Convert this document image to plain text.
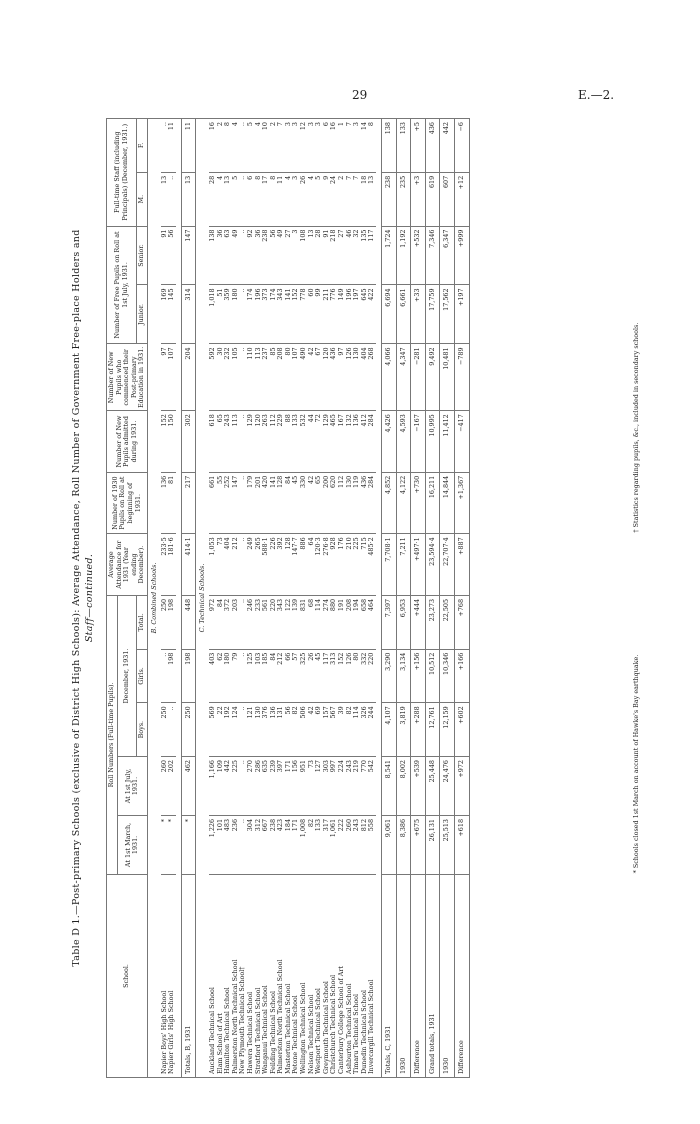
29	E.—2.
Table D 1.—Post-primary Schools (exclusive of District High Schools): Average Attendance, Roll Number of Government Free-place Holders and Staff—continued.
School.	Roll Numbers (Full-time Pupils).					Average Attendance for 1931 (Year ending December).	Number of 1930 Pupils on Roll at beginning of 1931.	Number of New Pupils admitted during 1931.	Number of New Pupils who commenced their Post-primary Education in 1931.	Number of Free Pupils on Roll at 1st July, 1931.		Full-time Staff (including Principals) (December, 1931.)	
	At 1st March, 1931.	At 1st July, 1931.	December, 1931.										
			Boys.	Girls.	Total.					Junior.	Senior.	M.	F.
B. Combined Schools.													
Napier Boys' High School	*	260	250	..	250	233·5	136	152	97	169	91	13	..
Napier Girls' High School	*	202	..	198	198	181·6	81	150	107	145	56	..	11

Totals, B, 1931	*	462	250	198	448	414·1	217	302	204	314	147	13	11
C. Technical Schools.													
Auckland Technical School	1,226	1,166	569	403	972	1,053	661	618	592	1,018	138	28	16
Elam School of Art	101	109	22	62	84	73	55	65	30	51	36	4	2
Hamilton Technical School	483	442	192	180	372	404	252	243	232	359	63	13	8
Palmerston North Technical School	236	225	124	79	203	212	147	113	105	180	49	5	4
New Plymouth Technical School†	..	..	..	..	..	..	..	..	..	..	..	..	..
Hawera Technical School	304	270	121	125	246	249	179	129	110	174	92	6	5
Stratford Technical School	312	286	130	103	233	265	201	120	113	196	36	8	4
Wanganui Technical School	667	635	376	185	561	588·1	420	263	237	373	238	17	10
Feilding Technical School	238	239	136	84	220	226	141	112	85	174	56	8	2
Palmerston North Technical School	423	397	131	212	343	392	128	229	208	343	49	11	7
Masterton Technical School	184	171	56	66	122	128	84	88	80	141	27	4	3
Petone Technical School	171	156	82	57	139	147·7	45	133	107	152	3	3	3
Wellington Technical School	1,008	951	506	325	831	886	330	532	490	778	108	26	12
Nelson Technical School	82	73	42	26	68	64	42	44	42	60	13	4	3
Westport Technical School	133	127	69	45	114	120·3	65	72	67	99	28	5	3
Greymouth Technical School	317	303	157	117	274	276·8	200	129	120	211	91	9	6
Christchurch Technical School	1,061	997	567	313	880	928	620	465	436	776	218	24	16
Canterbury College School of Art	222	224	39	152	191	176	112	167	97	149	27	2	1
Ashburton Technical School	260	243	82	126	208	210	130	132	126	196	46	7	7
Timaru Technical School	243	219	114	80	194	225	119	136	130	197	32	7	3
Dunedin Technical School	812	770	326	332	658	715	436	412	404	645	135	18	14
Invercargill Technical School	558	542	244	220	464	485·2	284	284	268	422	117	13	8

Totals, C, 1931	9,061	8,541	4,107	3,290	7,397	7,708·1	4,852	4,426	4,066	6,694	1,724	238	138
1930	8,386	8,002	3,819	3,134	6,953	7,211	4,122	4,593	4,347	6,661	1,192	235	133
Difference	+675	+539	+288	+156	+444	+497·1	+730	−167	−281	+33	+532	+3	+5
Grand totals, 1931	26,131	25,448	12,761	10,512	23,273	23,594·4	16,211	10,995	9,492	17,759	7,346	619	436
1930	25,513	24,476	12,159	10,346	22,505	22,707·4	14,844	11,412	10,481	17,562	6,347	607	442
Difference	+618	+972	+602	+166	+768	+887	+1,367	−417	−789	+197	+999	+12	−6
* Schools closed 1st March on account of Hawke's Bay earthquake. † Statistics regarding pupils, &c., included in secondary schools.
